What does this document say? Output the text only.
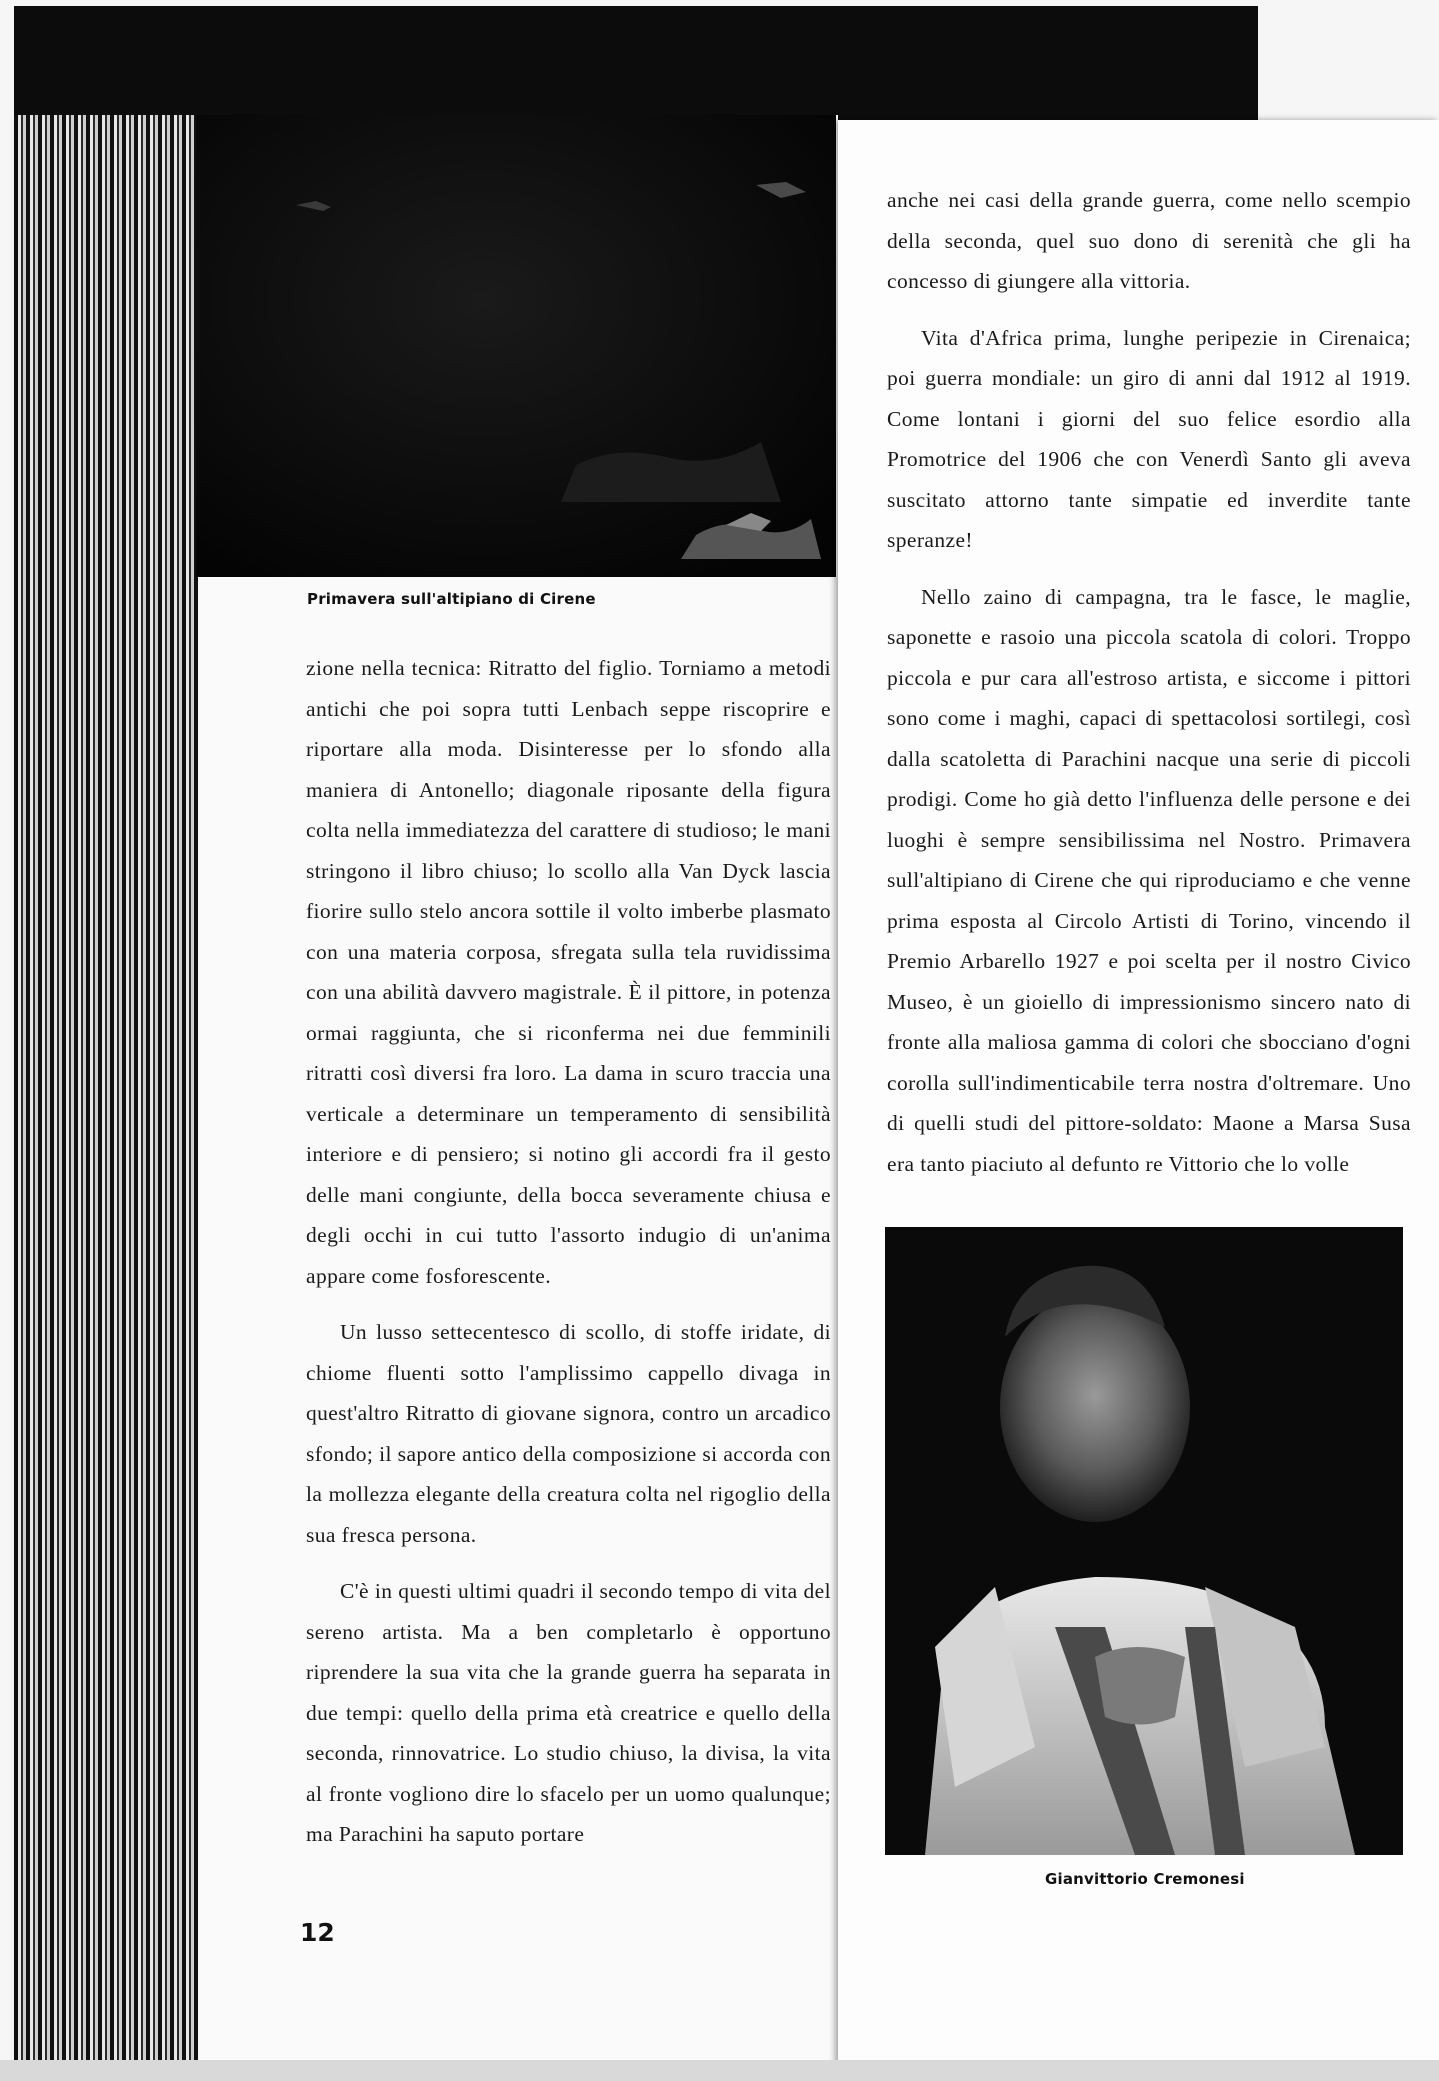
Primavera sull'altipiano di Cirene

zione nella tecnica: Ritratto del figlio. Torniamo a metodi antichi che poi sopra tutti Lenbach seppe riscoprire e riportare alla moda. Disinteresse per lo sfondo alla maniera di Antonello; diagonale riposante della figura colta nella immediatezza del carattere di studioso; le mani stringono il libro chiuso; lo scollo alla Van Dyck lascia fiorire sullo stelo ancora sottile il volto imberbe plasmato con una materia corposa, sfregata sulla tela ruvidissima con una abilità davvero magistrale. È il pittore, in potenza ormai raggiunta, che si riconferma nei due femminili ritratti così diversi fra loro. La dama in scuro traccia una verticale a determinare un temperamento di sensibilità interiore e di pensiero; si notino gli accordi fra il gesto delle mani congiunte, della bocca severamente chiusa e degli occhi in cui tutto l'assorto indugio di un'anima appare come fosforescente.

Un lusso settecentesco di scollo, di stoffe iridate, di chiome fluenti sotto l'amplissimo cappello divaga in quest'altro Ritratto di giovane signora, contro un arcadico sfondo; il sapore antico della composizione si accorda con la mollezza elegante della creatura colta nel rigoglio della sua fresca persona.

C'è in questi ultimi quadri il secondo tempo di vita del sereno artista. Ma a ben completarlo è opportuno riprendere la sua vita che la grande guerra ha separata in due tempi: quello della prima età creatrice e quello della seconda, rinnovatrice. Lo studio chiuso, la divisa, la vita al fronte vogliono dire lo sfacelo per un uomo qualunque; ma Parachini ha saputo portare

anche nei casi della grande guerra, come nello scempio della seconda, quel suo dono di serenità che gli ha concesso di giungere alla vittoria.

Vita d'Africa prima, lunghe peripezie in Cirenaica; poi guerra mondiale: un giro di anni dal 1912 al 1919. Come lontani i giorni del suo felice esordio alla Promotrice del 1906 che con Venerdì Santo gli aveva suscitato attorno tante simpatie ed inverdite tante speranze!

Nello zaino di campagna, tra le fasce, le maglie, saponette e rasoio una piccola scatola di colori. Troppo piccola e pur cara all'estroso artista, e siccome i pittori sono come i maghi, capaci di spettacolosi sortilegi, così dalla scatoletta di Parachini nacque una serie di piccoli prodigi. Come ho già detto l'influenza delle persone e dei luoghi è sempre sensibilissima nel Nostro. Primavera sull'altipiano di Cirene che qui riproduciamo e che venne prima esposta al Circolo Artisti di Torino, vincendo il Premio Arbarello 1927 e poi scelta per il nostro Civico Museo, è un gioiello di impressionismo sincero nato di fronte alla maliosa gamma di colori che sbocciano d'ogni corolla sull'indimenticabile terra nostra d'oltremare. Uno di quelli studi del pittore-soldato: Maone a Marsa Susa era tanto piaciuto al defunto re Vittorio che lo volle

Gianvittorio Cremonesi
12
